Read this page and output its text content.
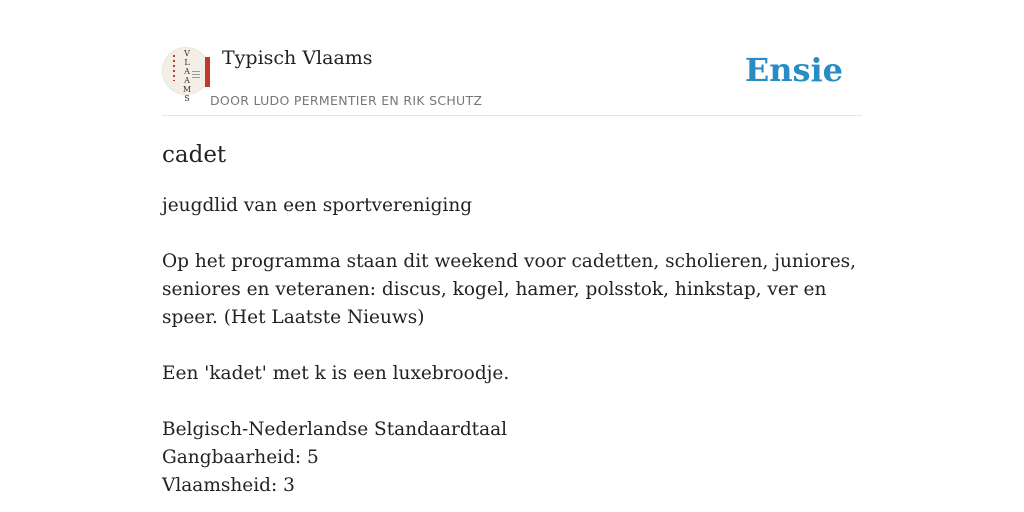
V
L
A
A
M
S
Typisch Vlaams
DOOR LUDO PERMENTIER EN RIK SCHUTZ
Ensie
cadet

jeugdlid van een sportvereniging

Op het programma staan dit weekend voor cadetten, scholieren, juniores, seniores en veteranen: discus, kogel, hamer, polsstok, hinkstap, ver en speer. (Het Laatste Nieuws)

Een 'kadet' met k is een luxebroodje.

Belgisch-Nederlandse Standaardtaal

Gangbaarheid: 5

Vlaamsheid: 3
